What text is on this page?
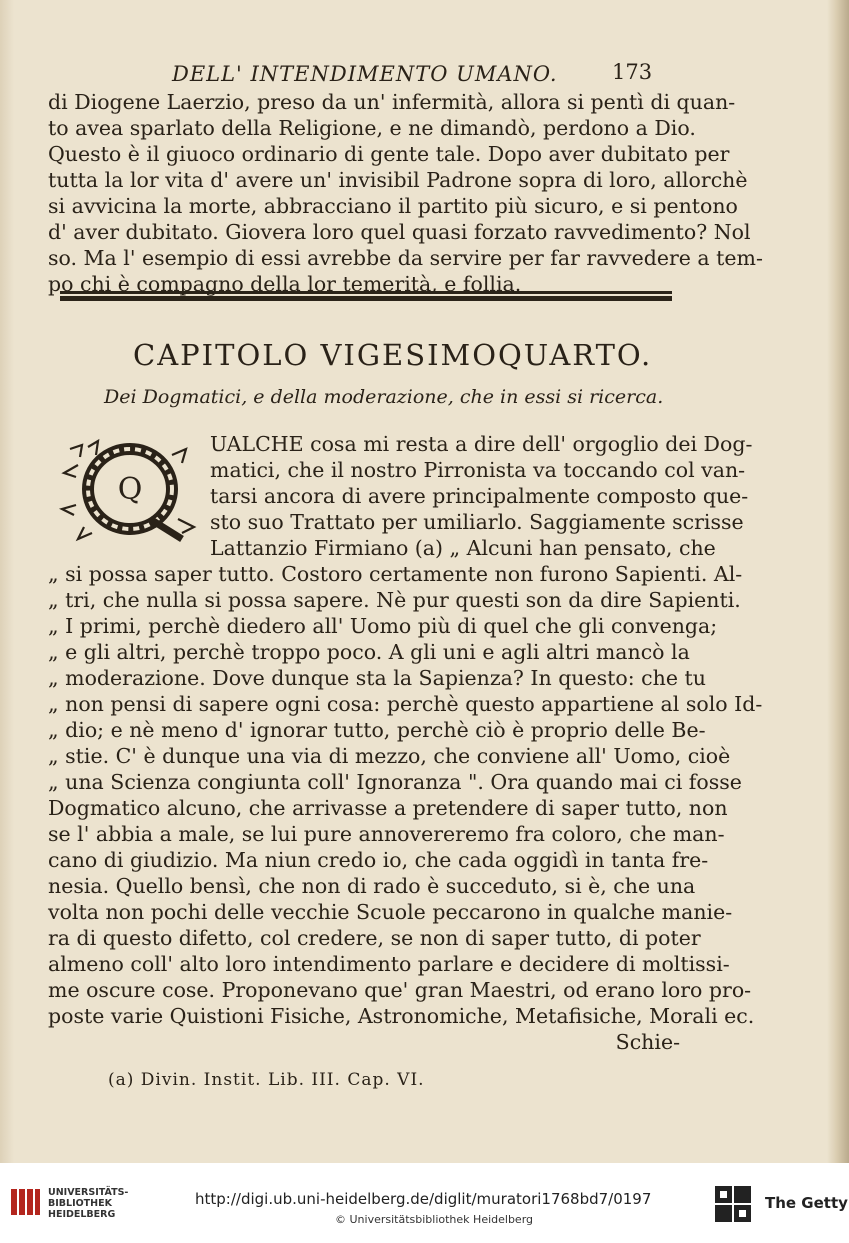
DELL' INTENDIMENTO UMANO.	173
di Diogene Laerzio, preso da un' infermità, allora si pentì di quan-
to avea sparlato della Religione, e ne dimandò, perdono a Dio.
Questo è il giuoco ordinario di gente tale. Dopo aver dubitato per
tutta la lor vita d' avere un' invisibil Padrone sopra di loro, allorchè
si avvicina la morte, abbracciano il partito più sicuro, e si pentono
d' aver dubitato. Giovera loro quel quasi forzato ravvedimento? Nol
so. Ma l' esempio di essi avrebbe da servire per far ravvedere a tem-
po chi è compagno della lor temerità, e follia.
CAPITOLO VIGESIMOQUARTO.
Dei Dogmatici, e della moderazione, che in essi si ricerca.
Q
UALCHE cosa mi resta a dire dell' orgoglio dei Dog-
matici, che il nostro Pirronista va toccando col van-
tarsi ancora di avere principalmente composto que-
sto suo Trattato per umiliarlo. Saggiamente scrisse
Lattanzio Firmiano (a) „ Alcuni han pensato, che
„ si possa saper tutto. Costoro certamente non furono Sapienti. Al-
„ tri, che nulla si possa sapere. Nè pur questi son da dire Sapienti.
„ I primi, perchè diedero all' Uomo più di quel che gli convenga;
„ e gli altri, perchè troppo poco. A gli uni e agli altri mancò la
„ moderazione. Dove dunque sta la Sapienza? In questo: che tu
„ non pensi di sapere ogni cosa: perchè questo appartiene al solo Id-
„ dio; e nè meno d' ignorar tutto, perchè ciò è proprio delle Be-
„ stie. C' è dunque una via di mezzo, che conviene all' Uomo, cioè
„ una Scienza congiunta coll' Ignoranza ". Ora quando mai ci fosse
Dogmatico alcuno, che arrivasse a pretendere di saper tutto, non
se l' abbia a male, se lui pure annovereremo fra coloro, che man-
cano di giudizio. Ma niun credo io, che cada oggidì in tanta fre-
nesia. Quello bensì, che non di rado è succeduto, si è, che una
volta non pochi delle vecchie Scuole peccarono in qualche manie-
ra di questo difetto, col credere, se non di saper tutto, di poter
almeno coll' alto loro intendimento parlare e decidere di moltissi-
me oscure cose. Proponevano que' gran Maestri, od erano loro pro-
poste varie Quistioni Fisiche, Astronomiche, Metafisiche, Morali ec.
Schie-
(a) Divin. Instit. Lib. III. Cap. VI.
UNIVERSITÄTS-
BIBLIOTHEK
HEIDELBERG
http://digi.ub.uni-heidelberg.de/diglit/muratori1768bd7/0197
© Universitätsbibliothek Heidelberg
The Getty
